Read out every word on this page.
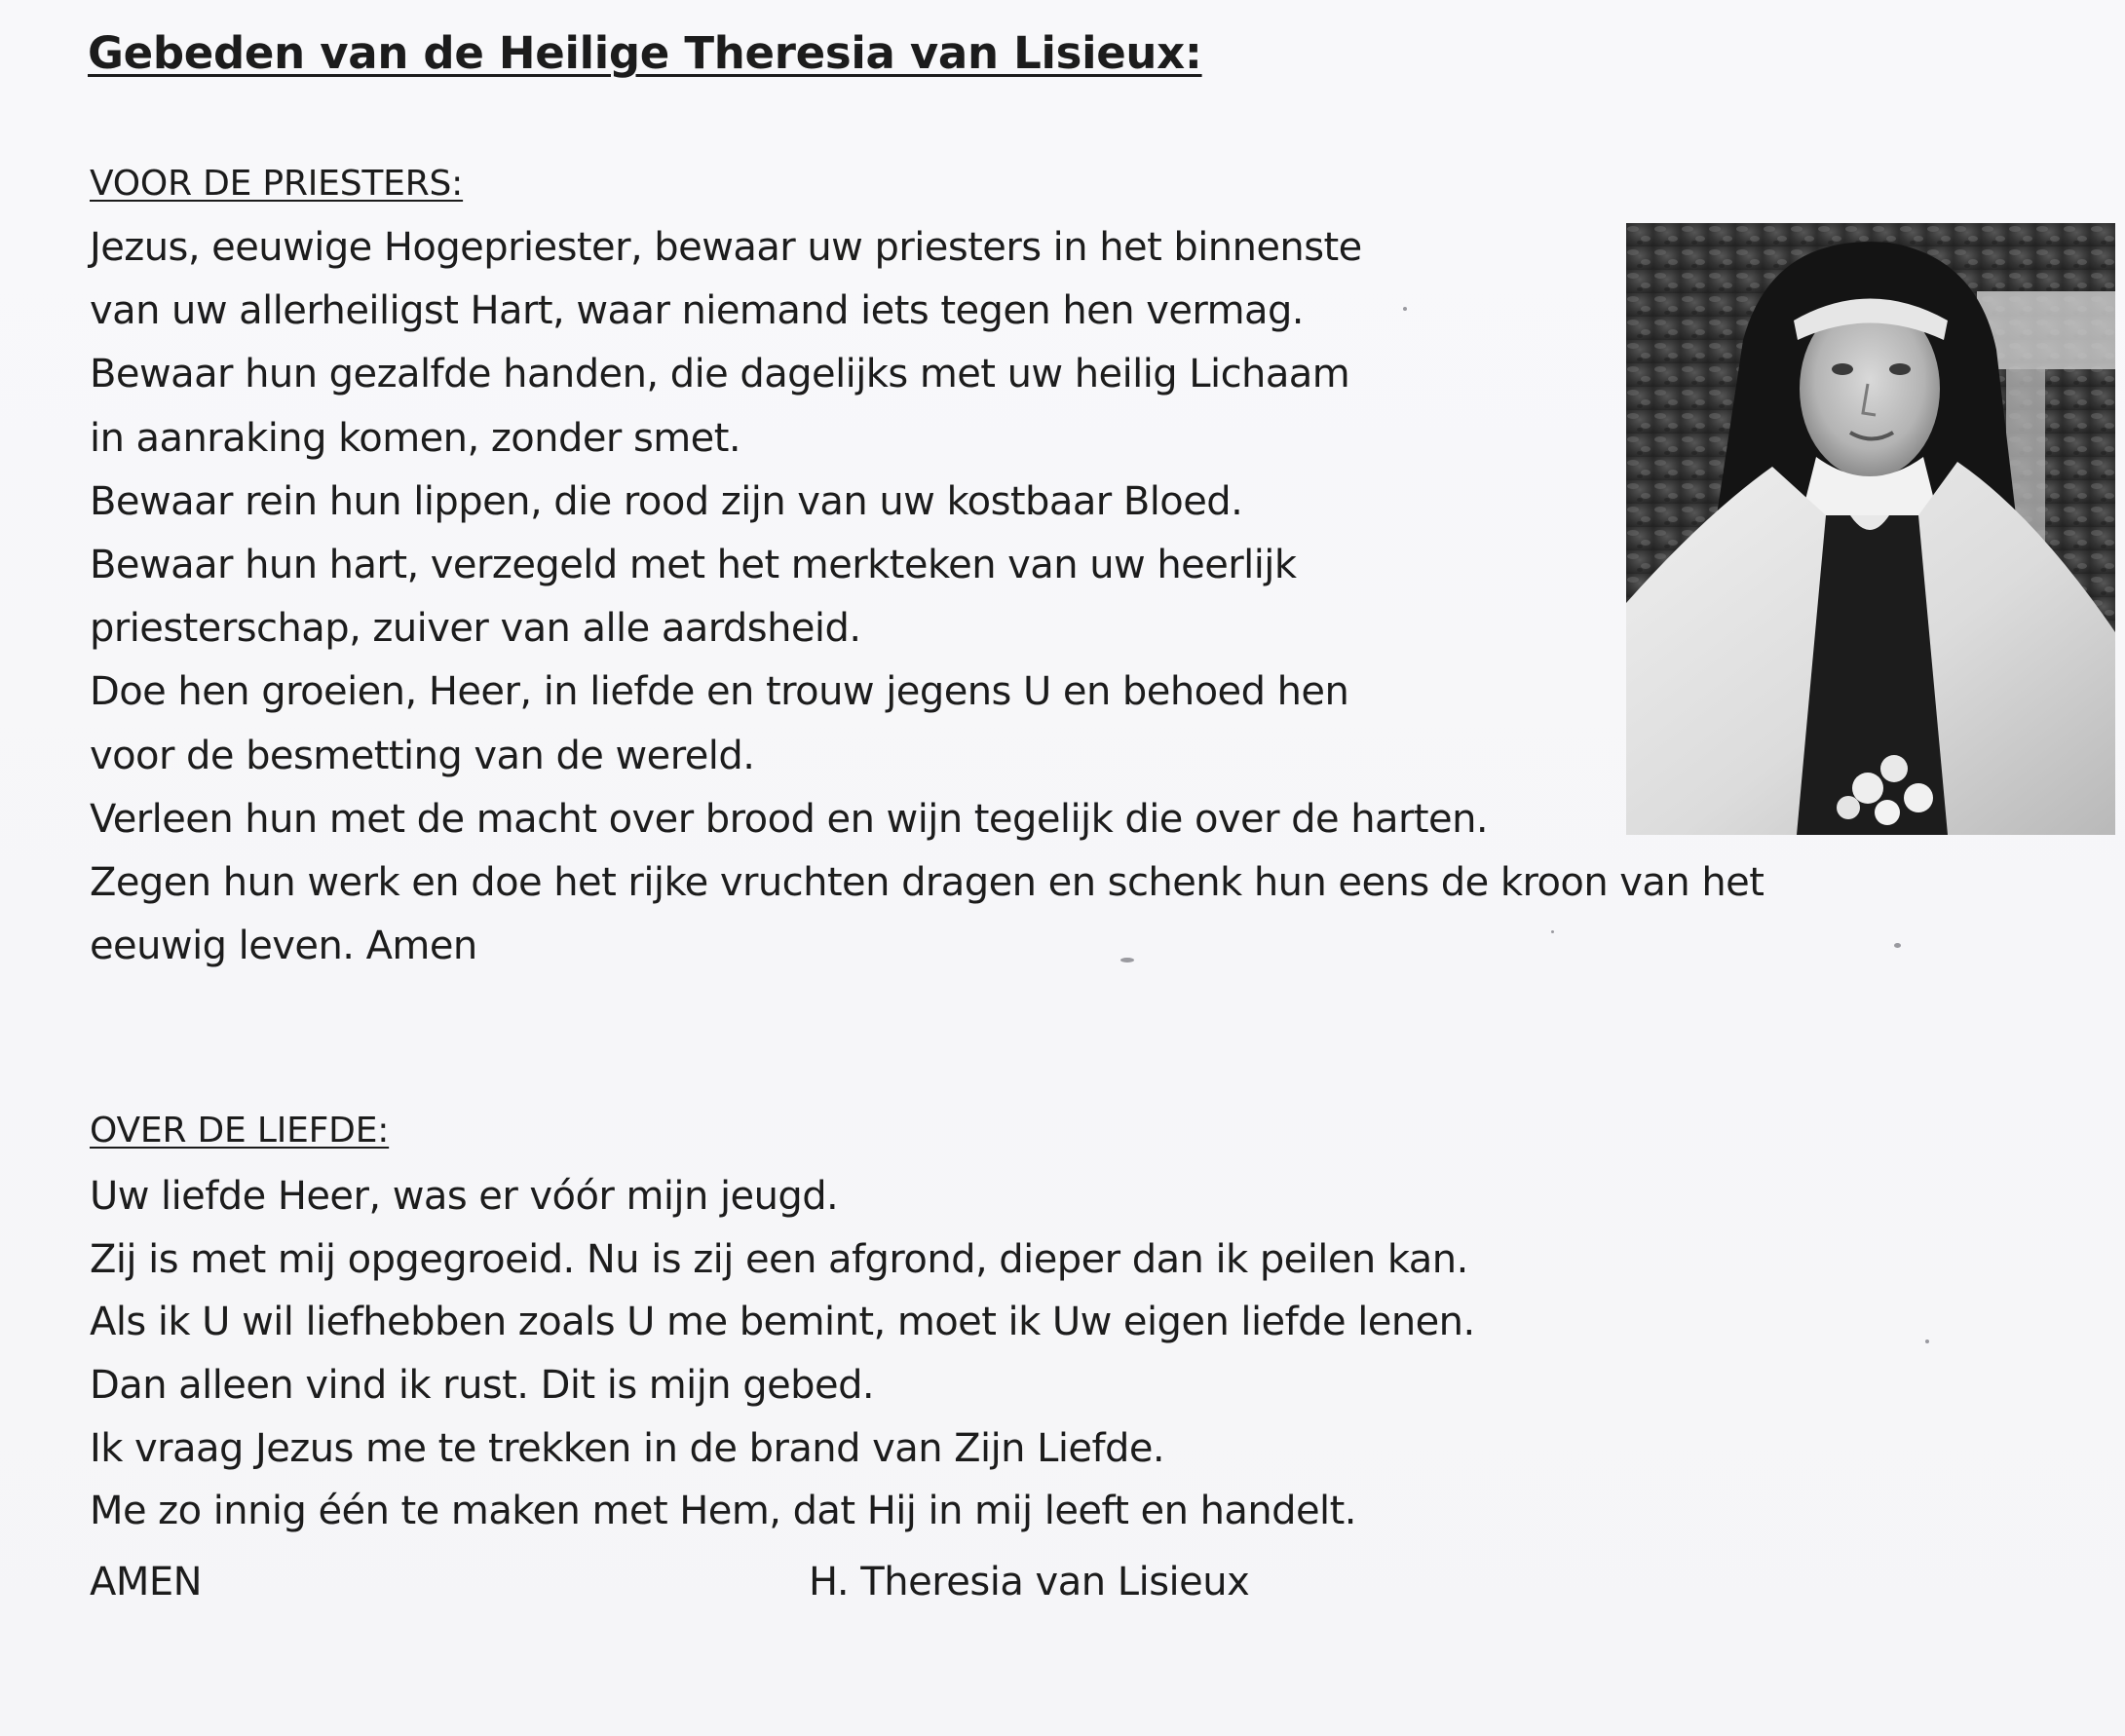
Gebeden van de Heilige Theresia van Lisieux:
VOOR DE PRIESTERS:
Jezus, eeuwige Hogepriester, bewaar uw priesters in het binnenste
van uw allerheiligst Hart, waar niemand iets tegen hen vermag.
Bewaar hun gezalfde handen, die dagelijks met uw heilig Lichaam
in aanraking komen, zonder smet.
Bewaar rein hun lippen, die rood zijn van uw kostbaar Bloed.
Bewaar hun hart, verzegeld met het merkteken van uw heerlijk
priesterschap, zuiver van alle aardsheid.
Doe hen groeien, Heer, in liefde en trouw jegens U en behoed hen
voor de besmetting van de wereld.
Verleen hun met de macht over brood en wijn tegelijk die over de harten.
Zegen hun werk en doe het rijke vruchten dragen en schenk hun eens de kroon van het
eeuwig leven. Amen
OVER DE LIEFDE:
Uw liefde Heer, was er vóór mijn jeugd.
Zij is met mij opgegroeid. Nu is zij een afgrond, dieper dan ik peilen kan.
Als ik U wil liefhebben zoals U me bemint, moet ik Uw eigen liefde lenen.
Dan alleen vind ik rust. Dit is mijn gebed.
Ik vraag Jezus me te trekken in de brand van Zijn Liefde.
Me zo innig één te maken met Hem, dat Hij in mij leeft en handelt.
AMEN	H. Theresia van Lisieux
